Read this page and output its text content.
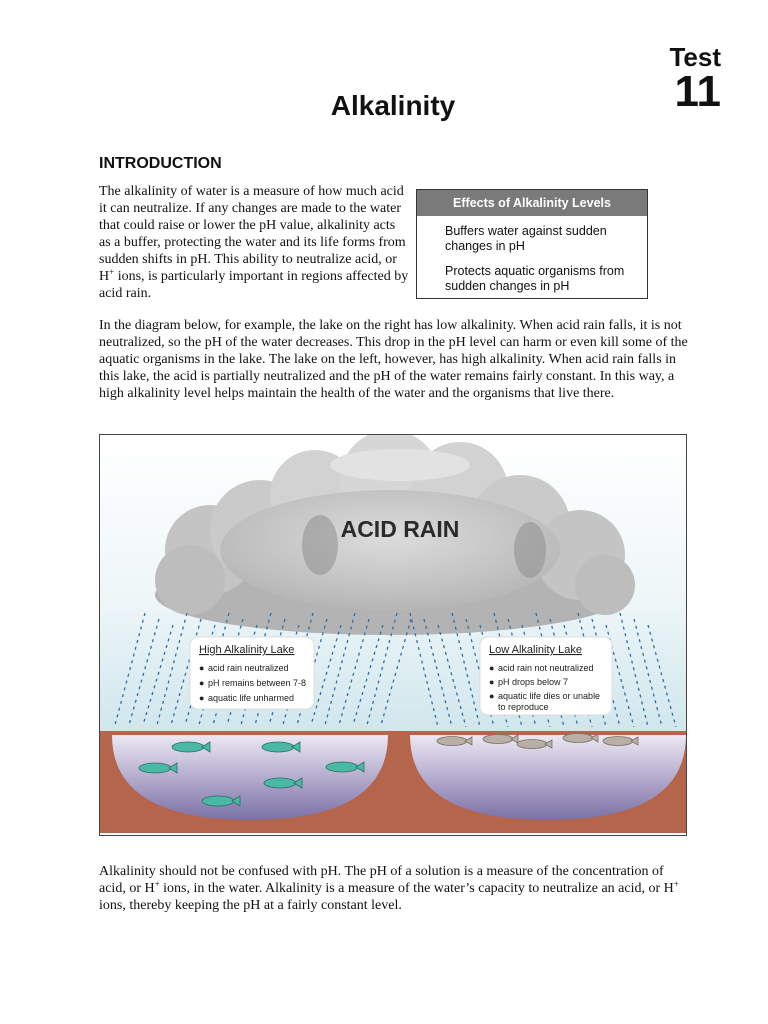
Test
11
Alkalinity
INTRODUCTION

The alkalinity of water is a measure of how much acid it can neutralize. If any changes are made to the water that could raise or lower the pH value, alkalinity acts as a buffer, protecting the water and its life forms from sudden shifts in pH. This ability to neutralize acid, or H+ ions, is particularly important in regions affected by acid rain.

Effects of Alkalinity Levels
Buffers water against sudden changes in pH
Protects aquatic organisms from sudden changes in pH

In the diagram below, for example, the lake on the right has low alkalinity. When acid rain falls, it is not neutralized, so the pH of the water decreases. This drop in the pH level can harm or even kill some of the aquatic organisms in the lake. The lake on the left, however, has high alkalinity. When acid rain falls in this lake, the acid is partially neutralized and the pH of the water remains fairly constant. In this way, a high alkalinity level helps maintain the health of the water and the organisms that live there.

ACID RAIN
High Alkalinity Lake
● acid rain neutralized
● pH remains between 7-8
● aquatic life unharmed
Low Alkalinity Lake
● acid rain not neutralized
● pH drops below 7
● aquatic life dies or unable
to reproduce

Alkalinity should not be confused with pH. The pH of a solution is a measure of the concentration of acid, or H+ ions, in the water. Alkalinity is a measure of the water’s capacity to neutralize an acid, or H+ ions, thereby keeping the pH at a fairly constant level.
